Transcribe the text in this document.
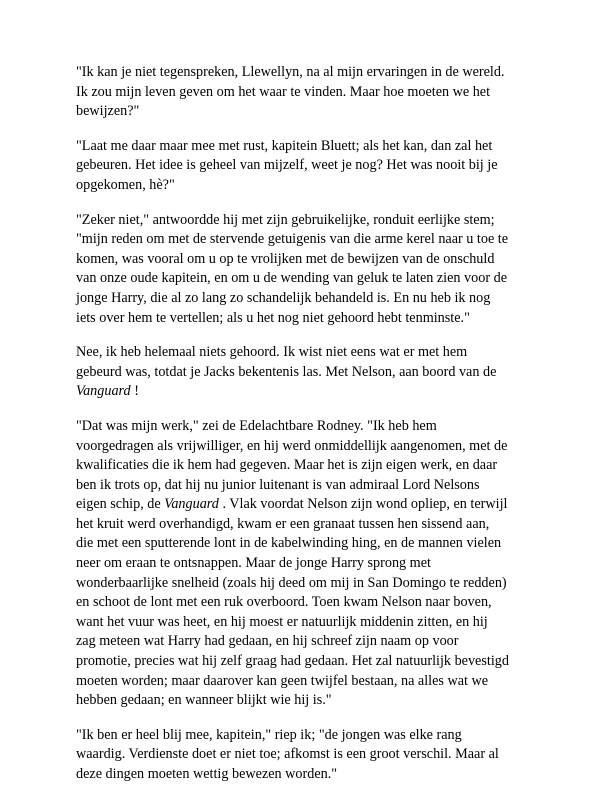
"Ik kan je niet tegenspreken, Llewellyn, na al mijn ervaringen in de wereld.
Ik zou mijn leven geven om het waar te vinden. Maar hoe moeten we het
bewijzen?"

"Laat me daar maar mee met rust, kapitein Bluett; als het kan, dan zal het
gebeuren. Het idee is geheel van mijzelf, weet je nog? Het was nooit bij je
opgekomen, hè?"

"Zeker niet," antwoordde hij met zijn gebruikelijke, ronduit eerlijke stem;
"mijn reden om met de stervende getuigenis van die arme kerel naar u toe te
komen, was vooral om u op te vrolijken met de bewijzen van de onschuld
van onze oude kapitein, en om u de wending van geluk te laten zien voor de
jonge Harry, die al zo lang zo schandelijk behandeld is. En nu heb ik nog
iets over hem te vertellen; als u het nog niet gehoord hebt tenminste."

Nee, ik heb helemaal niets gehoord. Ik wist niet eens wat er met hem
gebeurd was, totdat je Jacks bekentenis las. Met Nelson, aan boord van de
Vanguard !

"Dat was mijn werk," zei de Edelachtbare Rodney. "Ik heb hem
voorgedragen als vrijwilliger, en hij werd onmiddellijk aangenomen, met de
kwalificaties die ik hem had gegeven. Maar het is zijn eigen werk, en daar
ben ik trots op, dat hij nu junior luitenant is van admiraal Lord Nelsons
eigen schip, de Vanguard . Vlak voordat Nelson zijn wond opliep, en terwijl
het kruit werd overhandigd, kwam er een granaat tussen hen sissend aan,
die met een sputterende lont in de kabelwinding hing, en de mannen vielen
neer om eraan te ontsnappen. Maar de jonge Harry sprong met
wonderbaarlijke snelheid (zoals hij deed om mij in San Domingo te redden)
en schoot de lont met een ruk overboord. Toen kwam Nelson naar boven,
want het vuur was heet, en hij moest er natuurlijk middenin zitten, en hij
zag meteen wat Harry had gedaan, en hij schreef zijn naam op voor
promotie, precies wat hij zelf graag had gedaan. Het zal natuurlijk bevestigd
moeten worden; maar daarover kan geen twijfel bestaan, na alles wat we
hebben gedaan; en wanneer blijkt wie hij is."

"Ik ben er heel blij mee, kapitein," riep ik; "de jongen was elke rang
waardig. Verdienste doet er niet toe; afkomst is een groot verschil. Maar al
deze dingen moeten wettig bewezen worden."
